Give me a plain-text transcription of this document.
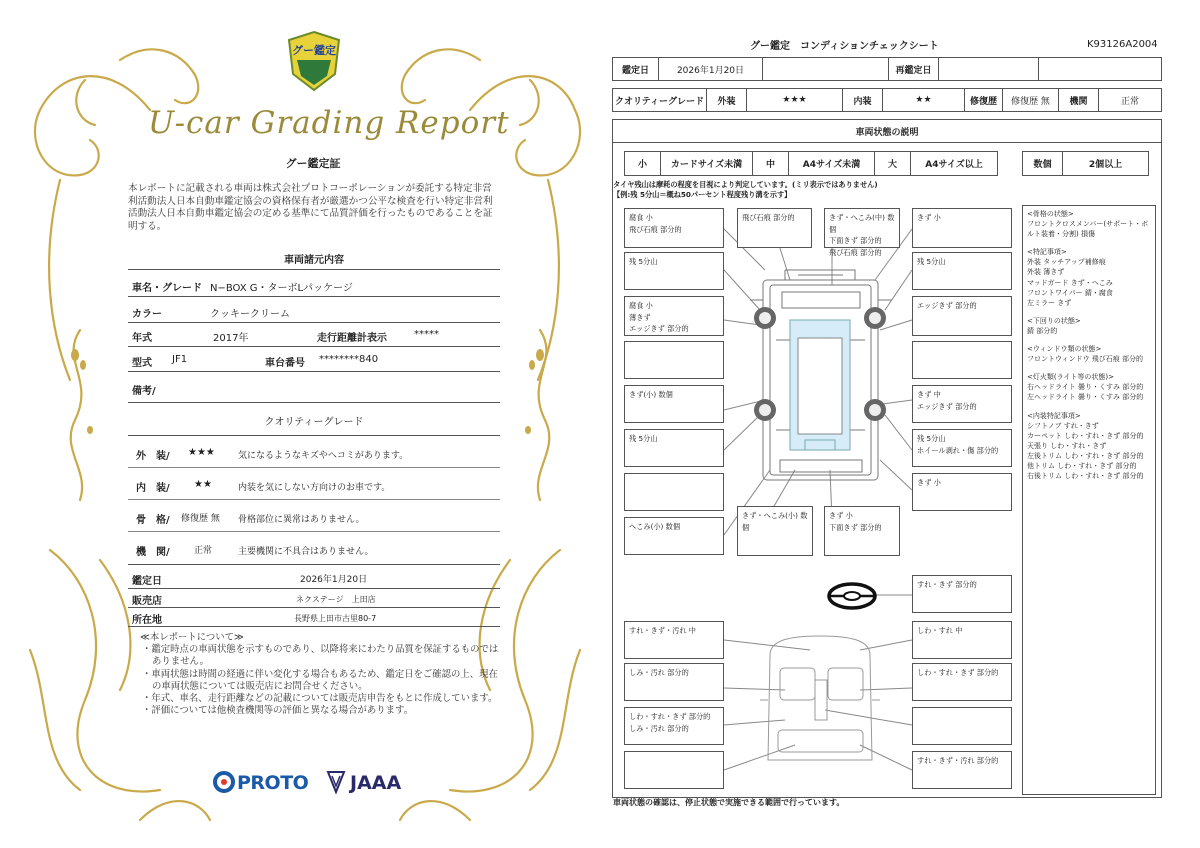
グー鑑定
U-car Grading Report
グー鑑定証
本レポートに記載される車両は株式会社プロトコーポレーションが委託する特定非営利活動法人日本自動車鑑定協会の資格保有者が厳選かつ公平な検査を行い特定非営利活動法人日本自動車鑑定協会の定める基準にて品質評価を行ったものであることを証明する。
車両諸元内容
車名・グレード N−BOX G・ターボLパッケージ
カラー	クッキークリーム
年式	2017年	走行距離計表示	*****
型式 JF1	車台番号 ********840
備考/
クオリティーグレード
外　装/ ★★★	気になるようなキズやヘコミがあります。
内　装/ ★★	内装を気にしない方向けのお車です。
骨　格/ 修復歴 無 骨格部位に異常はありません。
機　関/	正常	主要機関に不具合はありません。
鑑定日	2026年1月20日
販売店	ネクステージ　上田店
所在地	長野県上田市古里80-7
≪本レポートについて≫
・鑑定時点の車両状態を示すものであり、以降将来にわたり品質を保証するものではありません。
・車両状態は時間の経過に伴い変化する場合もあるため、鑑定日をご確認の上、現在の車両状態については販売店にお問合せください。
・年式、車名、走行距離などの記載については販売店申告をもとに作成しています。
・評価については他検査機関等の評価と異なる場合があります。
PROTO JAAA
グー鑑定　コンディションチェックシート	K93126A2004
鑑定日	2026年1月20日	再鑑定日
クオリティーグレード	外装	★★★	内装	★★	修復歴	修復歴 無	機関	正常
車両状態の説明
小	カードサイズ未満	中	A4サイズ未満	大	A4サイズ以上	数個	2個以上
タイヤ残山は摩耗の程度を目視により判定しています。(ミリ表示ではありません)
【例:残 5分山＝概ね50パーセント程度残り溝を示す】
腐食 小
飛び石痕 部分的
飛び石痕 部分的	きず・へこみ(中) 数個
下面きず 部分的
飛び石痕 部分的
きず 小
残 5分山	残 5分山
腐食 小
薄きず
エッジきず 部分的
エッジきず 部分的
きず(小) 数個	きず 中
エッジきず 部分的
残 5分山	残 5分山
ホイール剥れ・傷 部分的
きず 小
へこみ(小) 数個
きず・へこみ(小) 数個
きず 小
下面きず 部分的
すれ・きず 部分的
すれ・きず・汚れ 中	しわ・すれ 中
しみ・汚れ 部分的	しわ・すれ・きず 部分的
しわ・すれ・きず 部分的
しみ・汚れ 部分的
すれ・きず・汚れ 部分的
<骨格の状態>
フロントクロスメンバー(サポート・ボルト装着・分割) 損傷
<特記事項>
外装 タッチアップ補修痕
外装 薄きず
マッドガード きず・へこみ
フロントワイパー 錆・腐食
左ミラー きず
<下回りの状態>
錆 部分的
<ウィンドウ類の状態>
フロントウィンドウ 飛び石痕 部分的
<灯火類(ライト等の状態)>
右ヘッドライト 曇り・くすみ 部分的
左ヘッドライト 曇り・くすみ 部分的
<内装特記事項>
シフトノブ すれ・きず
カーペット しわ・すれ・きず 部分的
天張り しわ・すれ・きず
左後トリム しわ・すれ・きず 部分的
他トリム しわ・すれ・きず 部分的
右後トリム しわ・すれ・きず 部分的
車両状態の確認は、停止状態で実施できる範囲で行っています。
